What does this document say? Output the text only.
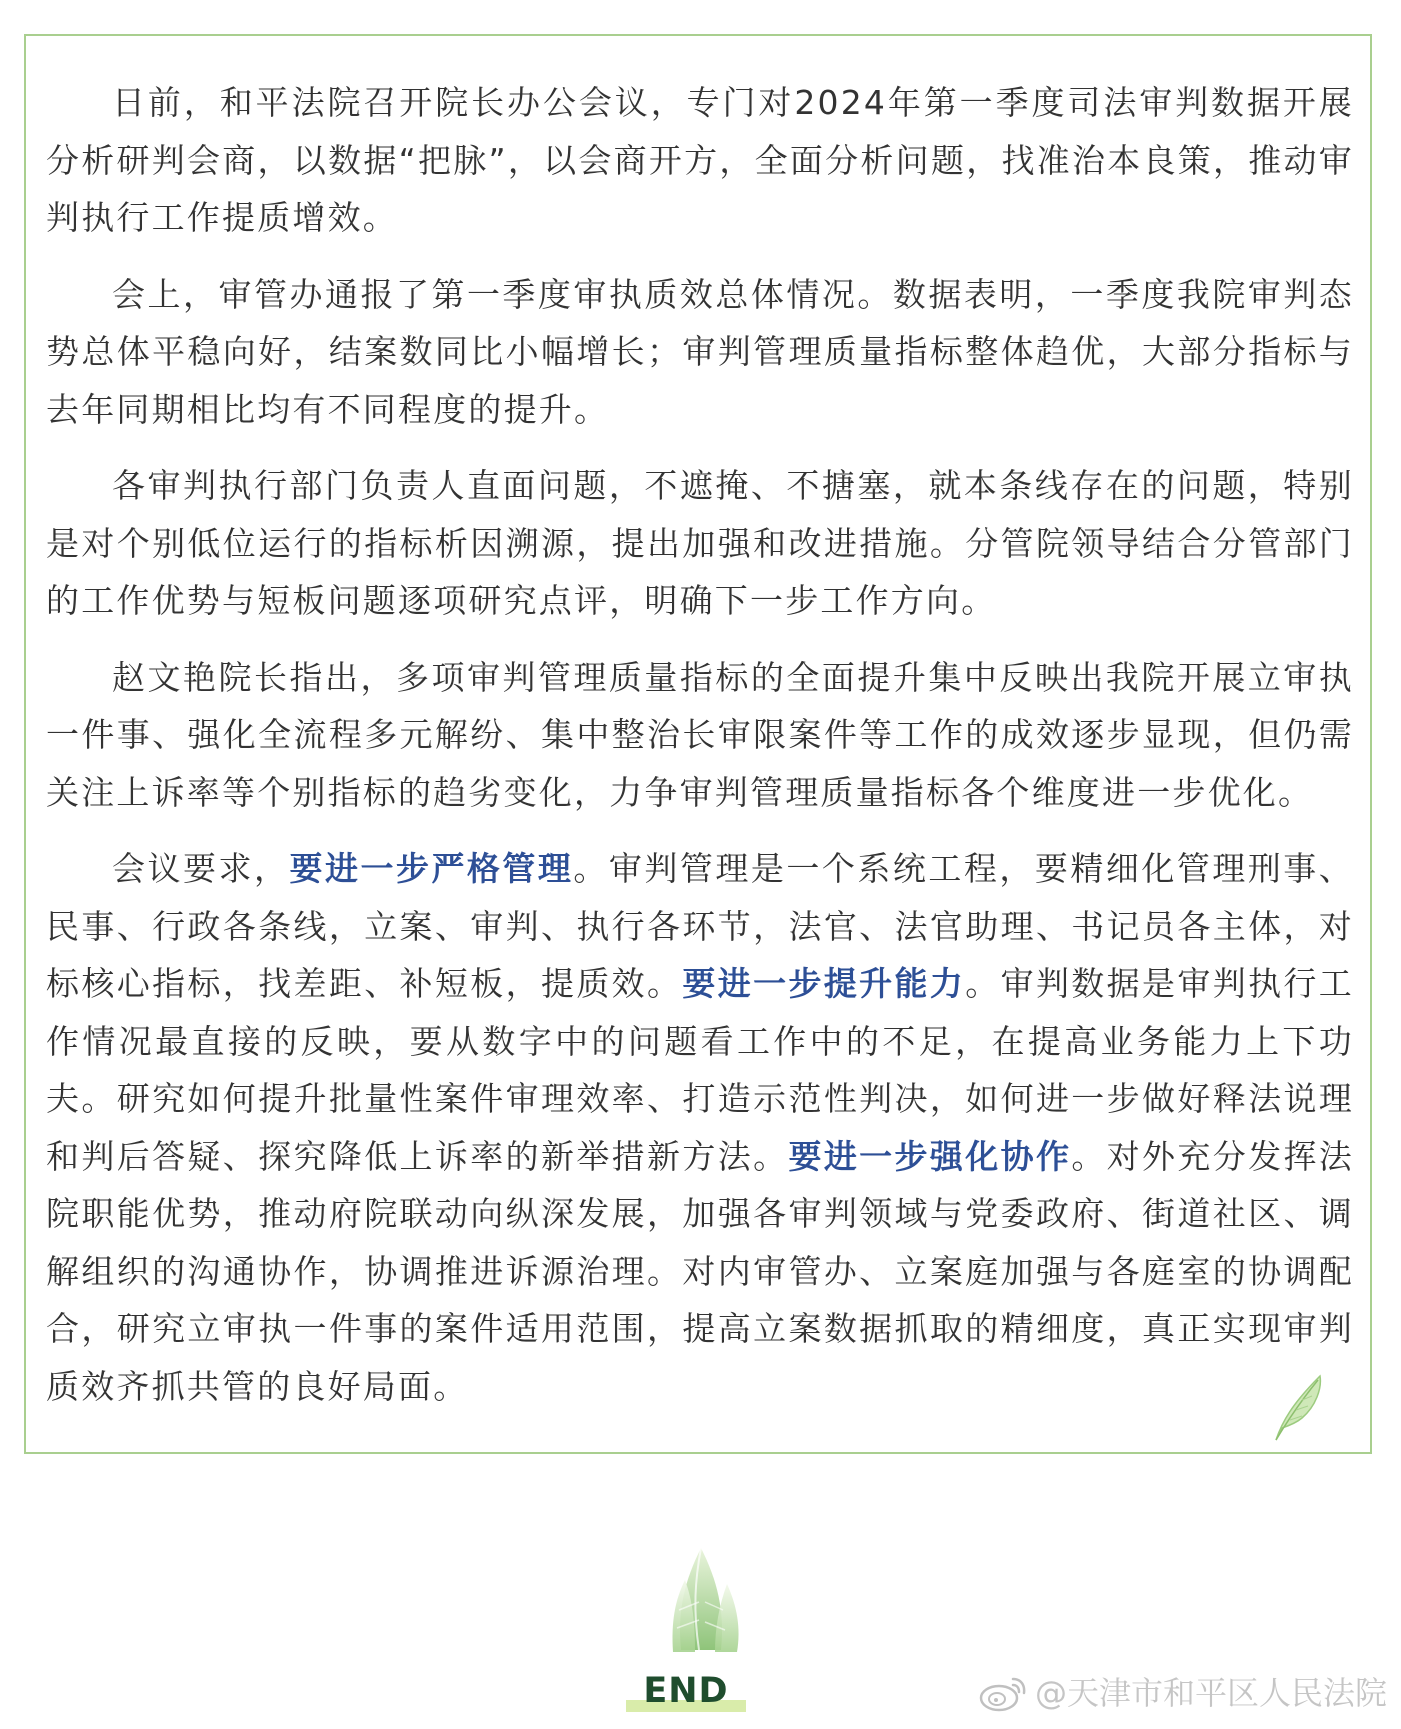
日前，和平法院召开院长办公会议，专门对2024年第一季度司法审判数据开展分析研判会商，以数据“把脉”，以会商开方，全面分析问题，找准治本良策，推动审判执行工作提质增效。

会上，审管办通报了第一季度审执质效总体情况。数据表明，一季度我院审判态势总体平稳向好，结案数同比小幅增长；审判管理质量指标整体趋优，大部分指标与去年同期相比均有不同程度的提升。

各审判执行部门负责人直面问题，不遮掩、不搪塞，就本条线存在的问题，特别是对个别低位运行的指标析因溯源，提出加强和改进措施。分管院领导结合分管部门的工作优势与短板问题逐项研究点评，明确下一步工作方向。

赵文艳院长指出，多项审判管理质量指标的全面提升集中反映出我院开展立审执一件事、强化全流程多元解纷、集中整治长审限案件等工作的成效逐步显现，但仍需关注上诉率等个别指标的趋劣变化，力争审判管理质量指标各个维度进一步优化。

会议要求，要进一步严格管理。审判管理是一个系统工程，要精细化管理刑事、民事、行政各条线，立案、审判、执行各环节，法官、法官助理、书记员各主体，对标核心指标，找差距、补短板，提质效。要进一步提升能力。审判数据是审判执行工作情况最直接的反映，要从数字中的问题看工作中的不足，在提高业务能力上下功夫。研究如何提升批量性案件审理效率、打造示范性判决，如何进一步做好释法说理和判后答疑、探究降低上诉率的新举措新方法。要进一步强化协作。对外充分发挥法院职能优势，推动府院联动向纵深发展，加强各审判领域与党委政府、街道社区、调解组织的沟通协作，协调推进诉源治理。对内审管办、立案庭加强与各庭室的协调配合，研究立审执一件事的案件适用范围，提高立案数据抓取的精细度，真正实现审判质效齐抓共管的良好局面。

END	@天津市和平区人民法院
